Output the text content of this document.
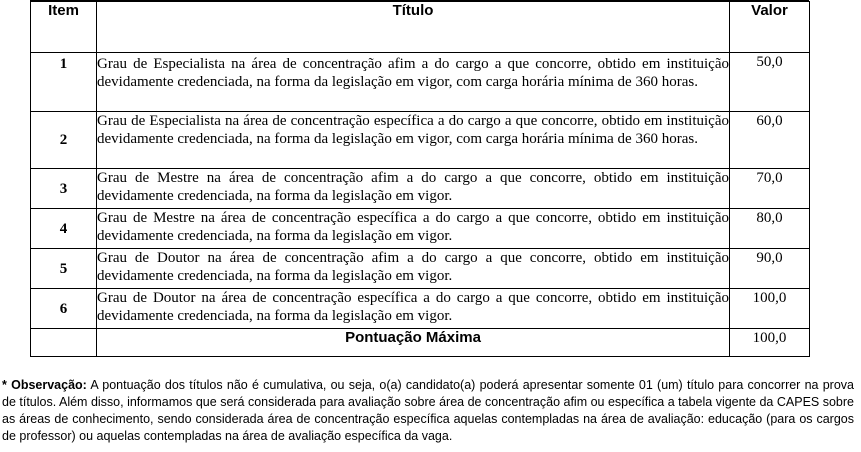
Item	Título	Valor
1	Grau de Especialista na área de concentração afim a do cargo a que concorre, obtido em instituição devidamente credenciada, na forma da legislação em vigor, com carga horária mínima de 360 horas.	50,0
2	Grau de Especialista na área de concentração específica a do cargo a que concorre, obtido em instituição devidamente credenciada, na forma da legislação em vigor, com carga horária mínima de 360 horas.	60,0
3	Grau de Mestre na área de concentração afim a do cargo a que concorre, obtido em instituição devidamente credenciada, na forma da legislação em vigor.	70,0
4	Grau de Mestre na área de concentração específica a do cargo a que concorre, obtido em instituição devidamente credenciada, na forma da legislação em vigor.	80,0
5	Grau de Doutor na área de concentração afim a do cargo a que concorre, obtido em instituição devidamente credenciada, na forma da legislação em vigor.	90,0
6	Grau de Doutor na área de concentração específica a do cargo a que concorre, obtido em instituição devidamente credenciada, na forma da legislação em vigor.	100,0
	Pontuação Máxima	100,0
* Observação: A pontuação dos títulos não é cumulativa, ou seja, o(a) candidato(a) poderá apresentar somente 01 (um) título para concorrer na prova de títulos. Além disso, informamos que será considerada para avaliação sobre área de concentração afim ou específica a tabela vigente da CAPES sobre as áreas de conhecimento, sendo considerada área de concentração específica aquelas contempladas na área de avaliação: educação (para os cargos de professor) ou aquelas contempladas na área de avaliação específica da vaga.
